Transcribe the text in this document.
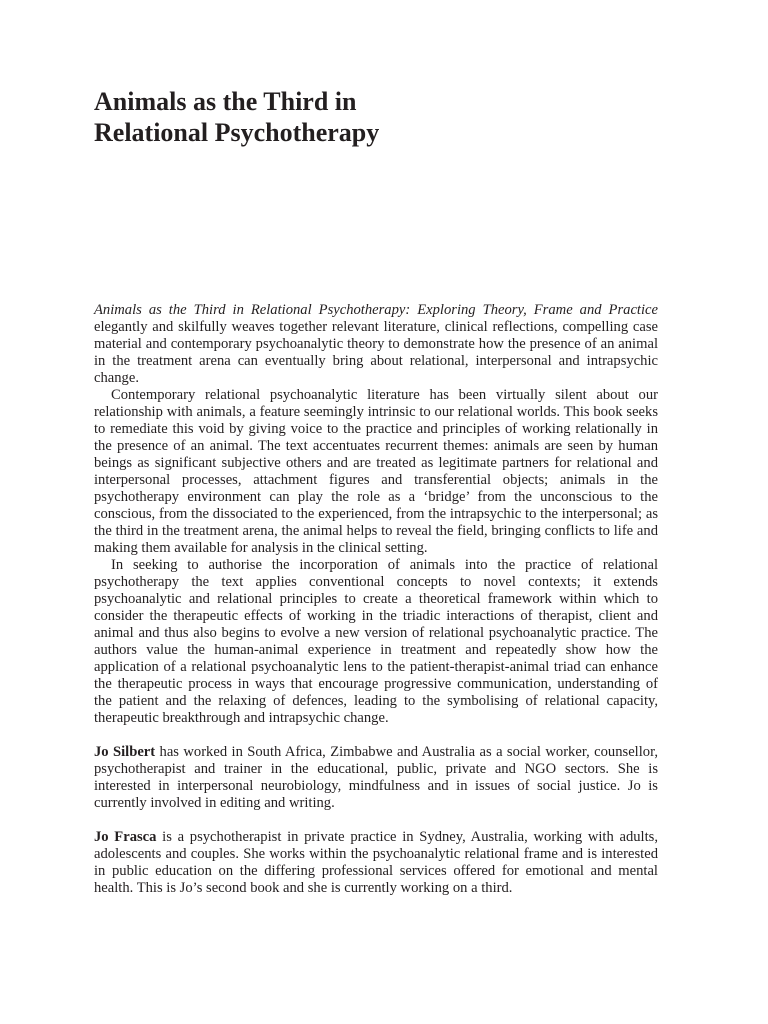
Animals as the Third in
Relational Psychotherapy

Animals as the Third in Relational Psychotherapy: Exploring Theory, Frame and Practice elegantly and skilfully weaves together relevant literature, clinical reflections, compelling case material and contemporary psychoanalytic theory to demonstrate how the presence of an animal in the treatment arena can eventually bring about relational, interpersonal and intrapsychic change.

Contemporary relational psychoanalytic literature has been virtually silent about our relationship with animals, a feature seemingly intrinsic to our relational worlds. This book seeks to remediate this void by giving voice to the practice and principles of working relationally in the presence of an animal. The text accentuates recurrent themes: animals are seen by human beings as significant subjective others and are treated as legitimate partners for relational and interpersonal processes, attachment figures and transferential objects; animals in the psychotherapy environment can play the role as a ‘bridge’ from the unconscious to the conscious, from the dissociated to the experienced, from the intrapsychic to the interpersonal; as the third in the treatment arena, the animal helps to reveal the field, bringing conflicts to life and making them available for analysis in the clinical setting.

In seeking to authorise the incorporation of animals into the practice of relational psychotherapy the text applies conventional concepts to novel contexts; it extends psychoanalytic and relational principles to create a theoretical framework within which to consider the therapeutic effects of working in the triadic interactions of therapist, client and animal and thus also begins to evolve a new version of relational psychoanalytic practice. The authors value the human-animal experience in treatment and repeatedly show how the application of a relational psychoanalytic lens to the patient-therapist-animal triad can enhance the therapeutic process in ways that encourage progressive communication, understanding of the patient and the relaxing of defences, leading to the symbolising of relational capacity, therapeutic breakthrough and intrapsychic change.

Jo Silbert has worked in South Africa, Zimbabwe and Australia as a social worker, counsellor, psychotherapist and trainer in the educational, public, private and NGO sectors. She is interested in interpersonal neurobiology, mindfulness and in issues of social justice. Jo is currently involved in editing and writing.

Jo Frasca is a psychotherapist in private practice in Sydney, Australia, working with adults, adolescents and couples. She works within the psychoanalytic relational frame and is interested in public education on the differing professional services offered for emotional and mental health. This is Jo’s second book and she is currently working on a third.
